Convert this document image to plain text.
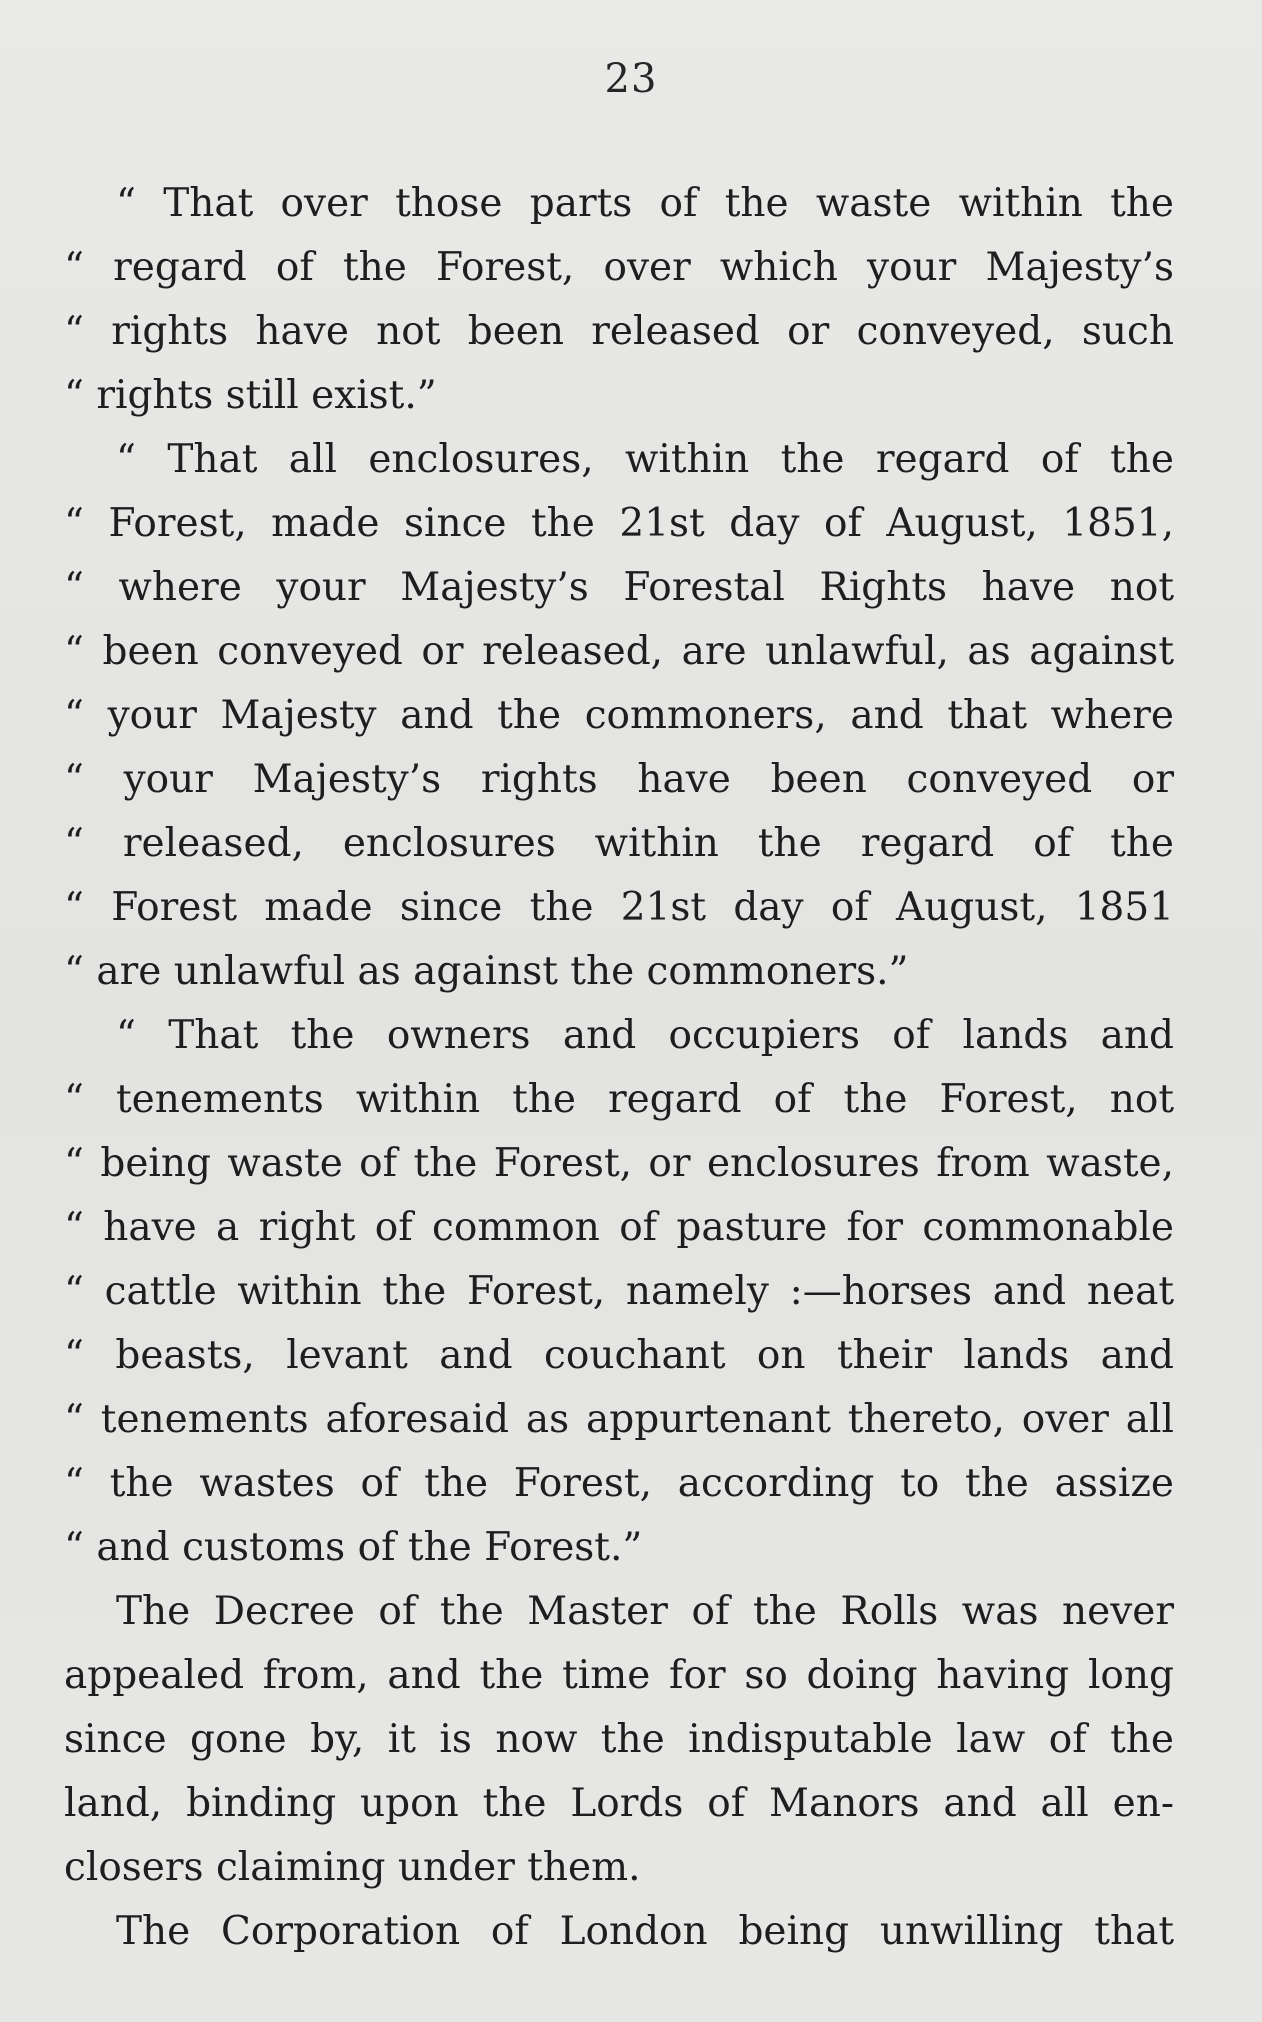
23
“ That over those parts of the waste within the
“ regard of the Forest, over which your Majesty’s
“ rights have not been released or conveyed, such
“ rights still exist.”
“ That all enclosures, within the regard of the
“ Forest, made since the 21st day of August, 1851,
“ where your Majesty’s Forestal Rights have not
“ been conveyed or released, are unlawful, as against
“ your Majesty and the commoners, and that where
“ your Majesty’s rights have been conveyed or
“ released, enclosures within the regard of the
“ Forest made since the 21st day of August, 1851
“ are unlawful as against the commoners.”
“ That the owners and occupiers of lands and
“ tenements within the regard of the Forest, not
“ being waste of the Forest, or enclosures from waste,
“ have a right of common of pasture for commonable
“ cattle within the Forest, namely :—horses and neat
“ beasts, levant and couchant on their lands and
“ tenements aforesaid as appurtenant thereto, over all
“ the wastes of the Forest, according to the assize
“ and customs of the Forest.”
The Decree of the Master of the Rolls was never
appealed from, and the time for so doing having long
since gone by, it is now the indisputable law of the
land, binding upon the Lords of Manors and all en-
closers claiming under them.
The Corporation of London being unwilling that
